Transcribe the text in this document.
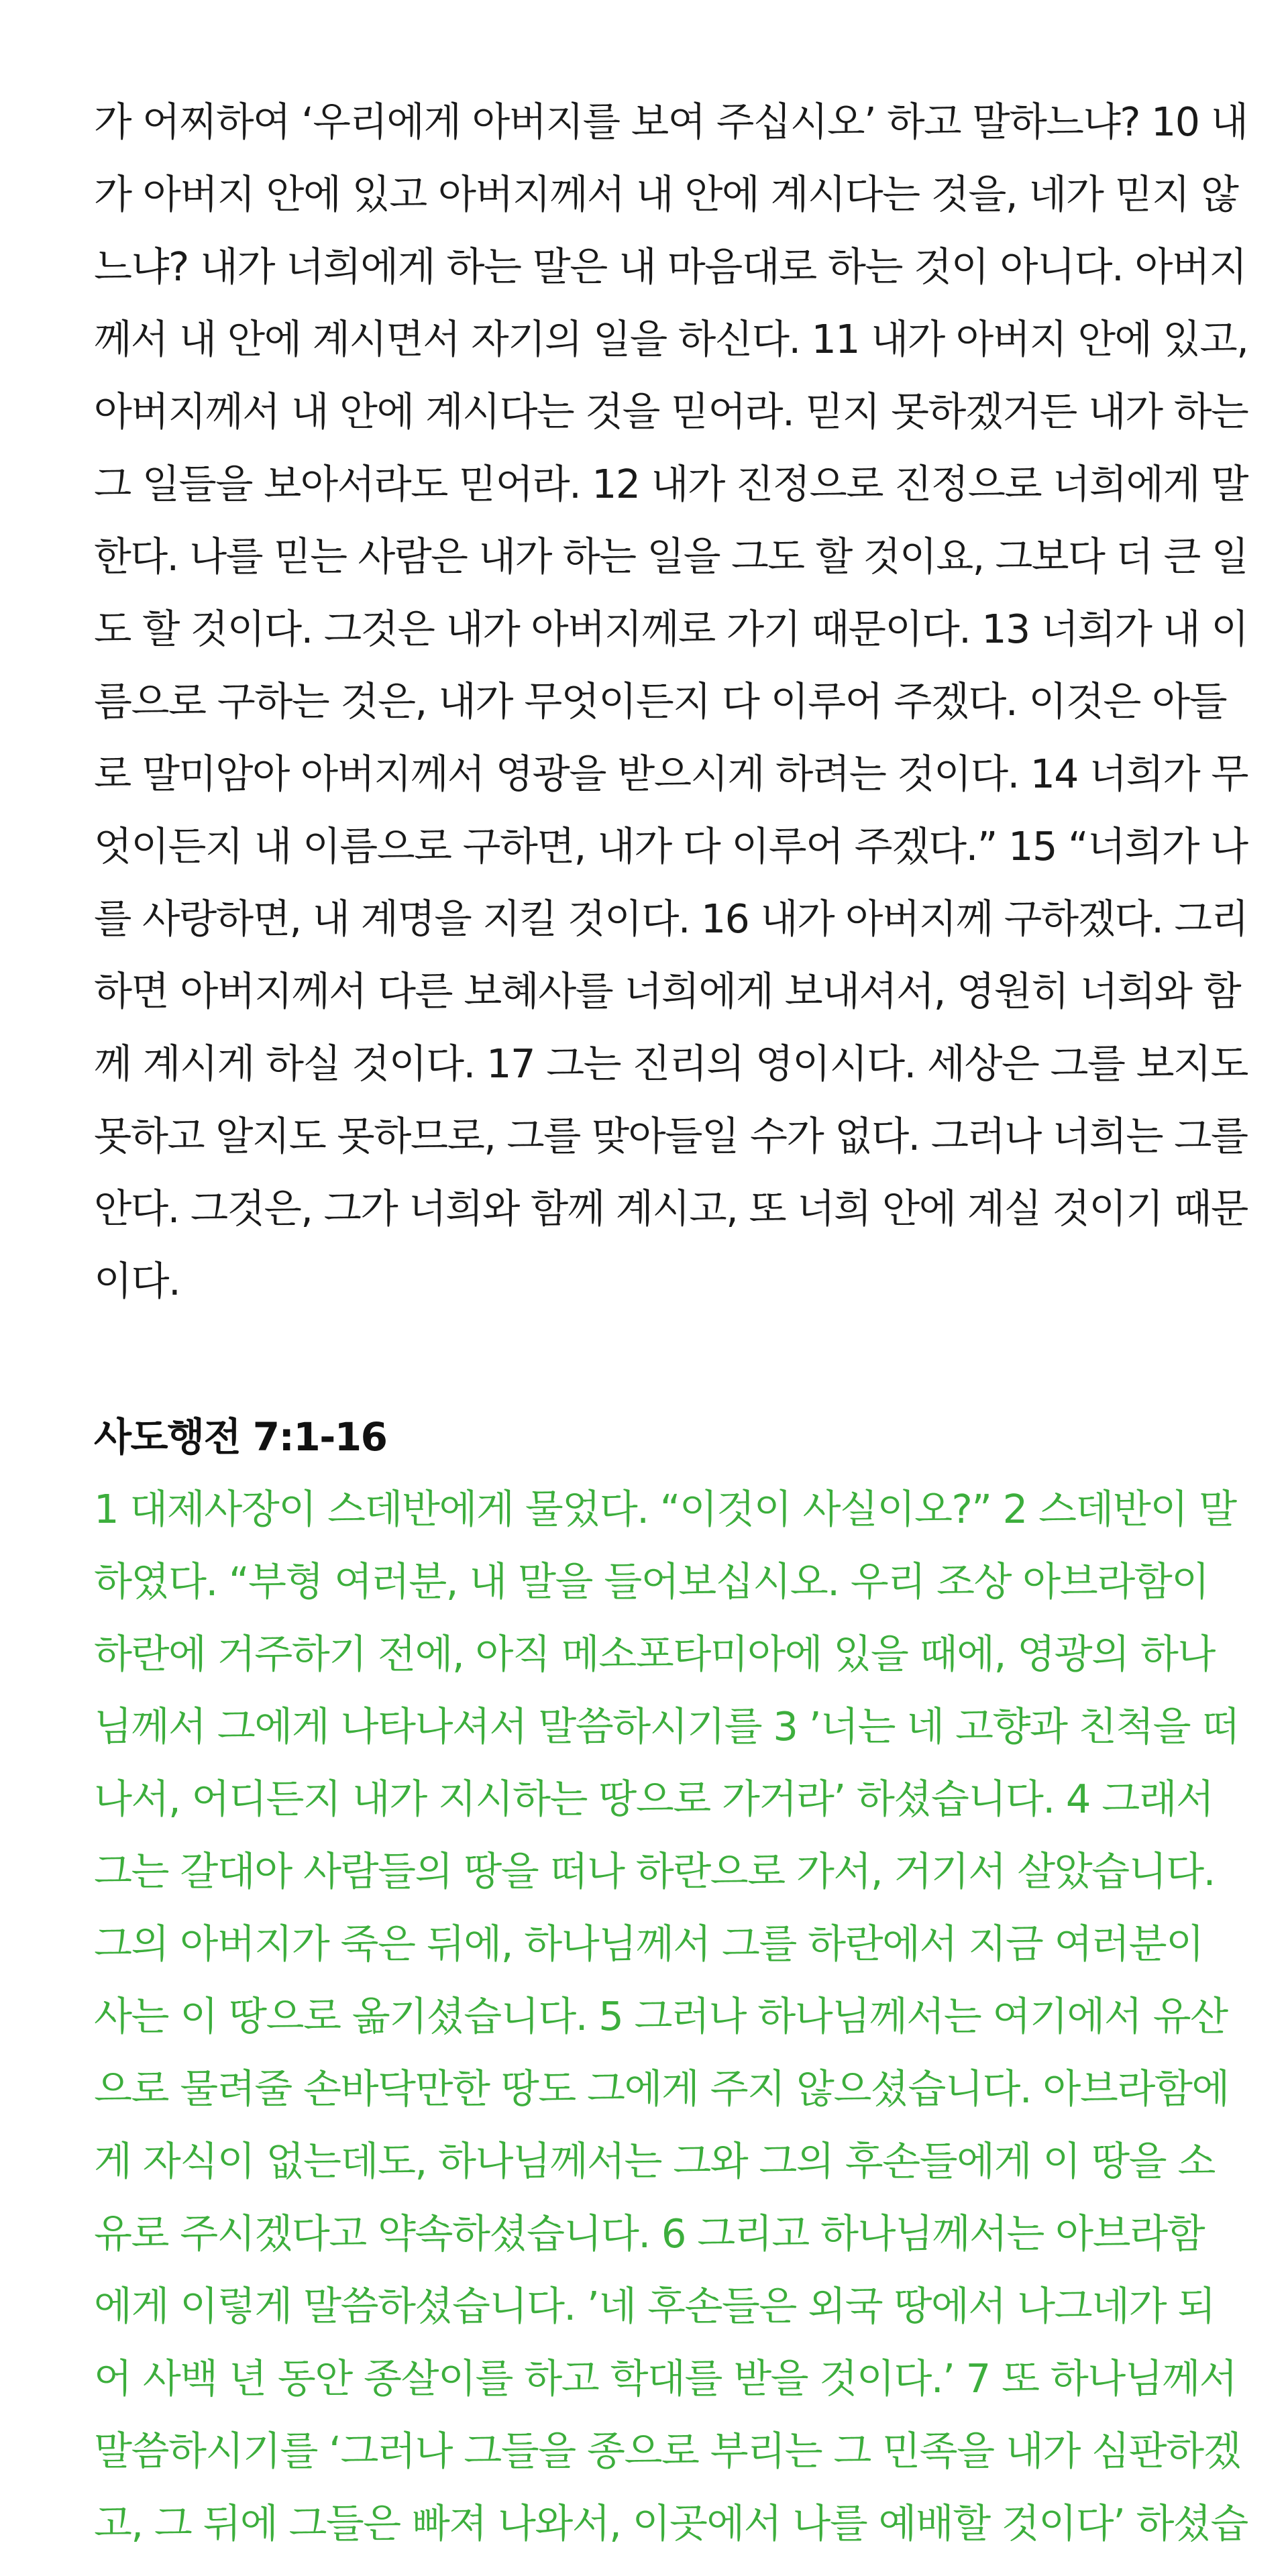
가 어찌하여 ‘우리에게 아버지를 보여 주십시오’ 하고 말하느냐? 10 내
가 아버지 안에 있고 아버지께서 내 안에 계시다는 것을, 네가 믿지 않
느냐? 내가 너희에게 하는 말은 내 마음대로 하는 것이 아니다. 아버지
께서 내 안에 계시면서 자기의 일을 하신다. 11 내가 아버지 안에 있고,
아버지께서 내 안에 계시다는 것을 믿어라. 믿지 못하겠거든 내가 하는
그 일들을 보아서라도 믿어라. 12 내가 진정으로 진정으로 너희에게 말
한다. 나를 믿는 사람은 내가 하는 일을 그도 할 것이요, 그보다 더 큰 일
도 할 것이다. 그것은 내가 아버지께로 가기 때문이다. 13 너희가 내 이
름으로 구하는 것은, 내가 무엇이든지 다 이루어 주겠다. 이것은 아들
로 말미암아 아버지께서 영광을 받으시게 하려는 것이다. 14 너희가 무
엇이든지 내 이름으로 구하면, 내가 다 이루어 주겠다.” 15 “너희가 나
를 사랑하면, 내 계명을 지킬 것이다. 16 내가 아버지께 구하겠다. 그리
하면 아버지께서 다른 보혜사를 너희에게 보내셔서, 영원히 너희와 함
께 계시게 하실 것이다. 17 그는 진리의 영이시다. 세상은 그를 보지도
못하고 알지도 못하므로, 그를 맞아들일 수가 없다. 그러나 너희는 그를
안다. 그것은, 그가 너희와 함께 계시고, 또 너희 안에 계실 것이기 때문
이다.
사도행전 7:1-16
1 대제사장이 스데반에게 물었다. “이것이 사실이오?” 2 스데반이 말
하였다. “부형 여러분, 내 말을 들어보십시오. 우리 조상 아브라함이
하란에 거주하기 전에, 아직 메소포타미아에 있을 때에, 영광의 하나
님께서 그에게 나타나셔서 말씀하시기를 3 ’너는 네 고향과 친척을 떠
나서, 어디든지 내가 지시하는 땅으로 가거라’ 하셨습니다. 4 그래서
그는 갈대아 사람들의 땅을 떠나 하란으로 가서, 거기서 살았습니다.
그의 아버지가 죽은 뒤에, 하나님께서 그를 하란에서 지금 여러분이
사는 이 땅으로 옮기셨습니다. 5 그러나 하나님께서는 여기에서 유산
으로 물려줄 손바닥만한 땅도 그에게 주지 않으셨습니다. 아브라함에
게 자식이 없는데도, 하나님께서는 그와 그의 후손들에게 이 땅을 소
유로 주시겠다고 약속하셨습니다. 6 그리고 하나님께서는 아브라함
에게 이렇게 말씀하셨습니다. ’네 후손들은 외국 땅에서 나그네가 되
어 사백 년 동안 종살이를 하고 학대를 받을 것이다.’ 7 또 하나님께서
말씀하시기를 ‘그러나 그들을 종으로 부리는 그 민족을 내가 심판하겠
고, 그 뒤에 그들은 빠져 나와서, 이곳에서 나를 예배할 것이다’ 하셨습
